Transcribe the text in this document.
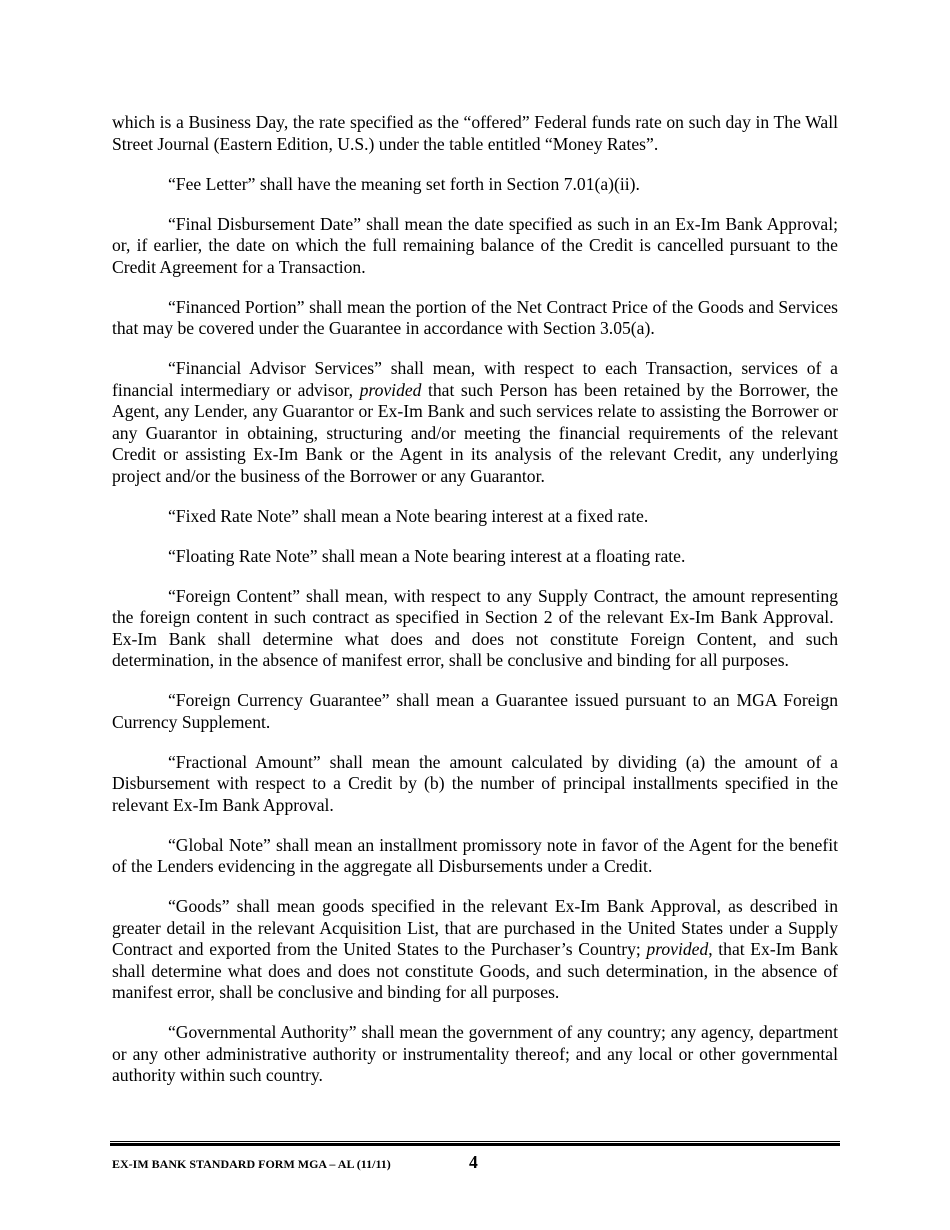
which is a Business Day, the rate specified as the “offered” Federal funds rate on such day in The Wall Street Journal (Eastern Edition, U.S.) under the table entitled “Money Rates”.

“Fee Letter” shall have the meaning set forth in Section 7.01(a)(ii).

“Final Disbursement Date” shall mean the date specified as such in an Ex-Im Bank Approval; or, if earlier, the date on which the full remaining balance of the Credit is cancelled pursuant to the Credit Agreement for a Transaction.

“Financed Portion” shall mean the portion of the Net Contract Price of the Goods and Services that may be covered under the Guarantee in accordance with Section 3.05(a).

“Financial Advisor Services” shall mean, with respect to each Transaction, services of a financial intermediary or advisor, provided that such Person has been retained by the Borrower, the Agent, any Lender, any Guarantor or Ex-Im Bank and such services relate to assisting the Borrower or any Guarantor in obtaining, structuring and/or meeting the financial requirements of the relevant Credit or assisting Ex-Im Bank or the Agent in its analysis of the relevant Credit, any underlying project and/or the business of the Borrower or any Guarantor.

“Fixed Rate Note” shall mean a Note bearing interest at a fixed rate.

“Floating Rate Note” shall mean a Note bearing interest at a floating rate.

“Foreign Content” shall mean, with respect to any Supply Contract, the amount representing the foreign content in such contract as specified in Section 2 of the relevant Ex-Im Bank Approval.  Ex-Im Bank shall determine what does and does not constitute Foreign Content, and such determination, in the absence of manifest error, shall be conclusive and binding for all purposes.

“Foreign Currency Guarantee” shall mean a Guarantee issued pursuant to an MGA Foreign Currency Supplement.

“Fractional Amount” shall mean the amount calculated by dividing (a) the amount of a Disbursement with respect to a Credit by (b) the number of principal installments specified in the relevant Ex-Im Bank Approval.

“Global Note” shall mean an installment promissory note in favor of the Agent for the benefit of the Lenders evidencing in the aggregate all Disbursements under a Credit.

“Goods” shall mean goods specified in the relevant Ex-Im Bank Approval, as described in greater detail in the relevant Acquisition List, that are purchased in the United States under a Supply Contract and exported from the United States to the Purchaser’s Country; provided, that Ex-Im Bank shall determine what does and does not constitute Goods, and such determination, in the absence of manifest error, shall be conclusive and binding for all purposes.

“Governmental Authority” shall mean the government of any country; any agency, department or any other administrative authority or instrumentality thereof; and any local or other governmental authority within such country.

EX-IM BANK STANDARD FORM MGA – AL (11/11)	4
